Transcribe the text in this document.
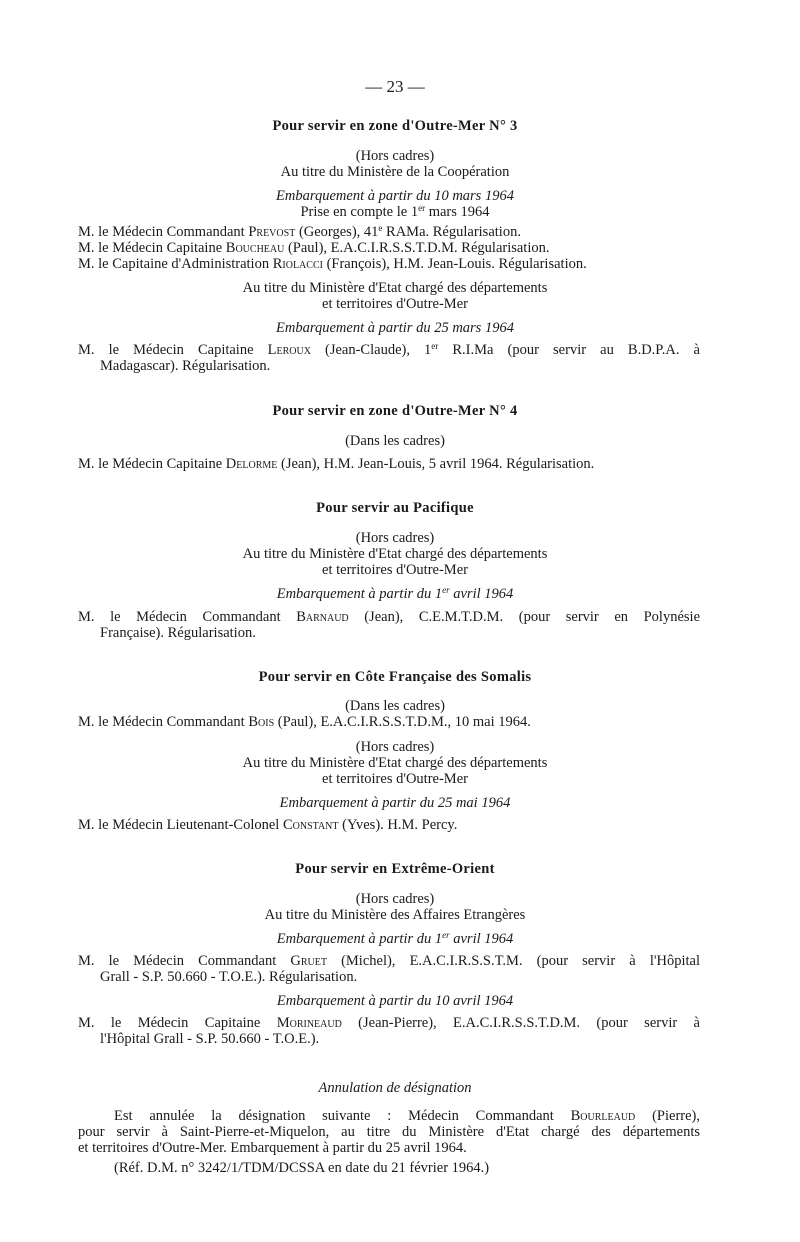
— 23 —
Pour servir en zone d'Outre-Mer N° 3
(Hors cadres)
Au titre du Ministère de la Coopération
Embarquement à partir du 10 mars 1964
Prise en compte le 1er mars 1964
M. le Médecin Commandant Prevost (Georges), 41e RAMa. Régularisation.
M. le Médecin Capitaine Boucheau (Paul), E.A.C.I.R.S.S.T.D.M. Régularisation.
M. le Capitaine d'Administration Riolacci (François), H.M. Jean-Louis. Régularisation.
Au titre du Ministère d'Etat chargé des départements
et territoires d'Outre-Mer
Embarquement à partir du 25 mars 1964
M. le Médecin Capitaine Leroux (Jean-Claude), 1er R.I.Ma (pour servir au B.D.P.A. à
Madagascar). Régularisation.
Pour servir en zone d'Outre-Mer N° 4
(Dans les cadres)
M. le Médecin Capitaine Delorme (Jean), H.M. Jean-Louis, 5 avril 1964. Régularisation.
Pour servir au Pacifique
(Hors cadres)
Au titre du Ministère d'Etat chargé des départements
et territoires d'Outre-Mer
Embarquement à partir du 1er avril 1964
M. le Médecin Commandant Barnaud (Jean), C.E.M.T.D.M. (pour servir en Polynésie
Française). Régularisation.
Pour servir en Côte Française des Somalis
(Dans les cadres)
M. le Médecin Commandant Bois (Paul), E.A.C.I.R.S.S.T.D.M., 10 mai 1964.
(Hors cadres)
Au titre du Ministère d'Etat chargé des départements
et territoires d'Outre-Mer
Embarquement à partir du 25 mai 1964
M. le Médecin Lieutenant-Colonel Constant (Yves). H.M. Percy.
Pour servir en Extrême-Orient
(Hors cadres)
Au titre du Ministère des Affaires Etrangères
Embarquement à partir du 1er avril 1964
M. le Médecin Commandant Gruet (Michel), E.A.C.I.R.S.S.T.M. (pour servir à l'Hôpital
Grall - S.P. 50.660 - T.O.E.). Régularisation.
Embarquement à partir du 10 avril 1964
M. le Médecin Capitaine Morineaud (Jean-Pierre), E.A.C.I.R.S.S.T.D.M. (pour servir à
l'Hôpital Grall - S.P. 50.660 - T.O.E.).
Annulation de désignation
Est annulée la désignation suivante : Médecin Commandant Bourleaud (Pierre),
pour servir à Saint-Pierre-et-Miquelon, au titre du Ministère d'Etat chargé des départements
et territoires d'Outre-Mer. Embarquement à partir du 25 avril 1964.
(Réf. D.M. n° 3242/1/TDM/DCSSA en date du 21 février 1964.)
